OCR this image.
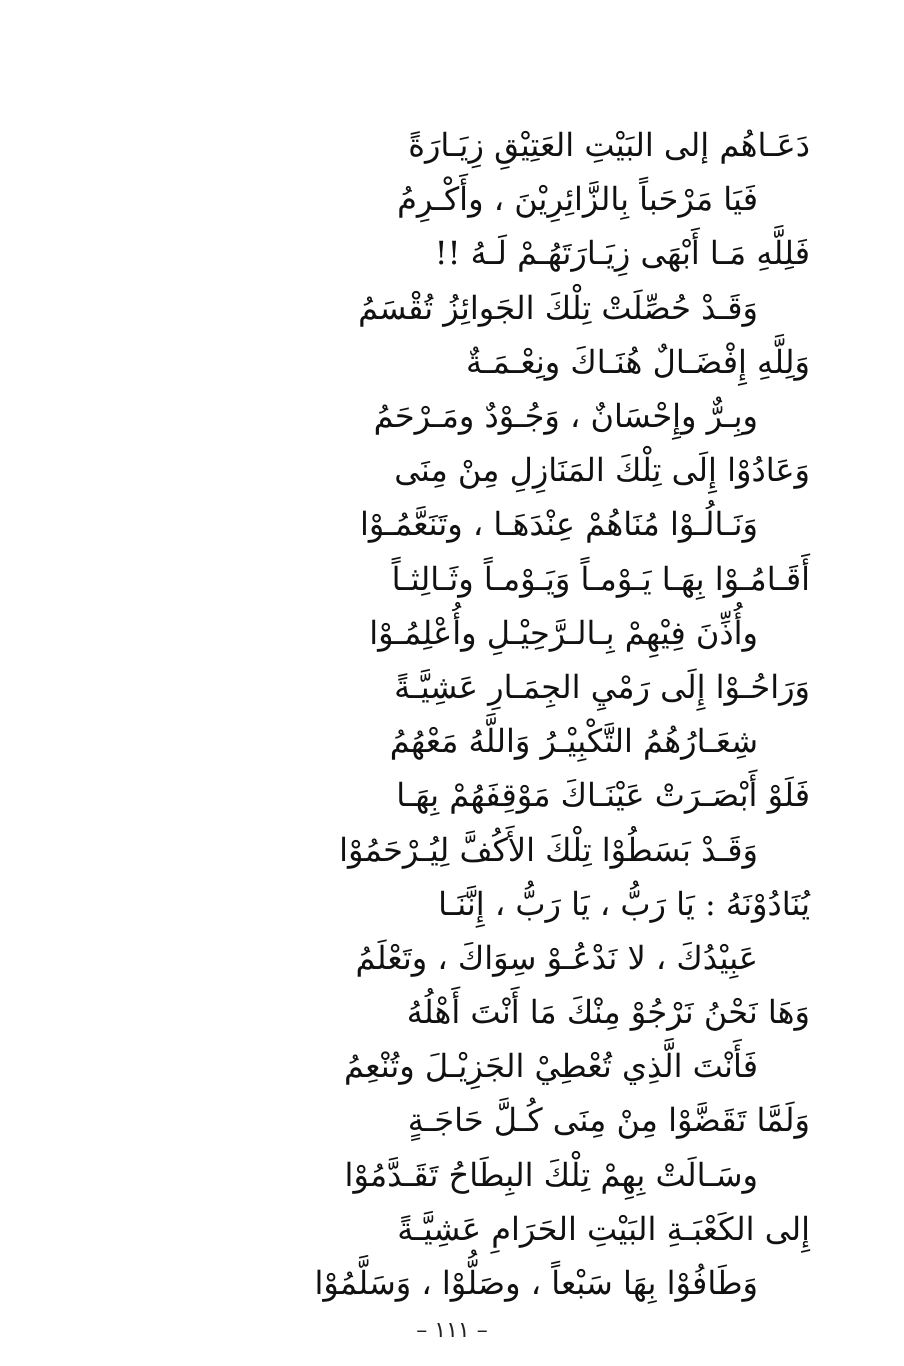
دَعَـاهُم إلى البَيْتِ العَتِيْقِ زِيَـارَةً
فَيَا مَرْحَباً بِالزَّائِرِيْنَ ، وأَكْـرِمُ
فَلِلَّهِ مَـا أَبْهَى زِيَـارَتَهُـمْ لَـهُ !!
وَقَـدْ حُصِّلَتْ تِلْكَ الجَوائِزُ تُقْسَمُ
وَلِلَّهِ إِفْضَـالٌ هُنَـاكَ ونِعْـمَـةٌ
وبِـرٌّ وإِحْسَانٌ ، وَجُـوْدٌ ومَـرْحَمُ
وَعَادُوْا إِلَى تِلْكَ المَنَازِلِ مِنْ مِنَى
وَنَـالُـوْا مُنَاهُمْ عِنْدَهَـا ، وتَنَعَّمُـوْا
أَقَـامُـوْا بِهَـا يَـوْمـاً وَيَـوْمـاً وثَـالِثـاً
وأُذِّنَ فِيْهِمْ بِـالـرَّحِيْـلِ وأُعْلِمُـوْا
وَرَاحُـوْا إِلَى رَمْيِ الجِمَـارِ عَشِيَّـةً
شِعَـارُهُمُ التَّكْبِيْـرُ وَاللَّهُ مَعْهُمُ
فَلَوْ أَبْصَـرَتْ عَيْنَـاكَ مَوْقِفَهُمْ بِهَـا
وَقَـدْ بَسَطُوْا تِلْكَ الأَكُفَّ لِيُـرْحَمُوْا
يُنَادُوْنَهُ : يَا رَبُّ ، يَا رَبُّ ، إِنَّنَـا
عَبِيْدُكَ ، لا نَدْعُـوْ سِوَاكَ ، وتَعْلَمُ
وَهَا نَحْنُ نَرْجُوْ مِنْكَ مَا أَنْتَ أَهْلُهُ
فَأَنْتَ الَّذِي تُعْطِيْ الجَزِيْـلَ وتُنْعِمُ
وَلَمَّا تَقَضَّوْا مِنْ مِنَى كُـلَّ حَاجَـةٍ
وسَـالَتْ بِهِمْ تِلْكَ البِطَاحُ تَقَـدَّمُوْا
إِلى الكَعْبَـةِ البَيْتِ الحَرَامِ عَشِيَّـةً
وَطَافُوْا بِهَا سَبْعاً ، وصَلُّوْا ، وَسَلَّمُوْا
– ١١١ –
